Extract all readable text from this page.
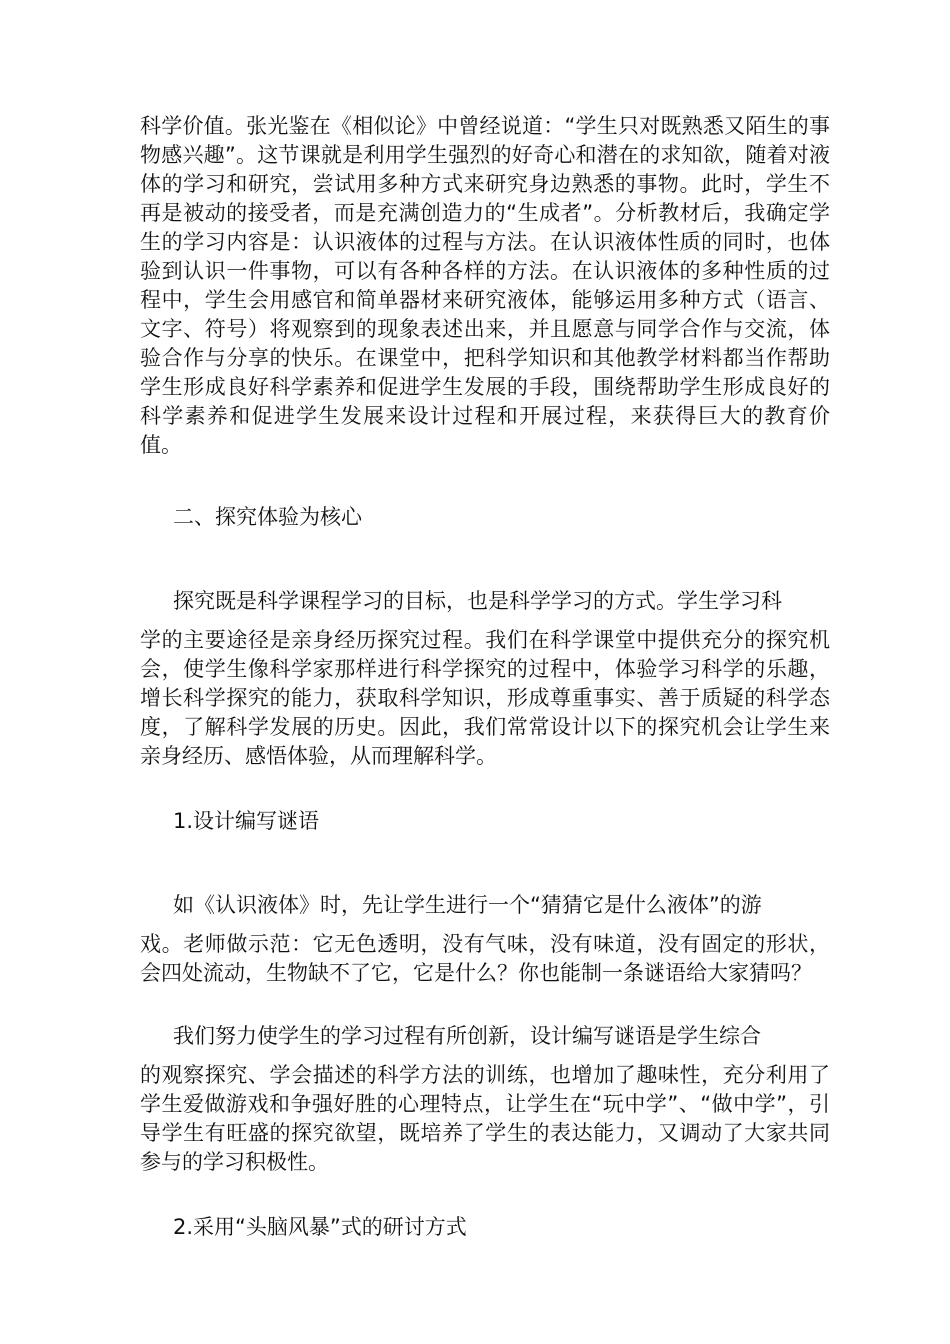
科学价值。张光鉴在《相似论》中曾经说道：“学生只对既熟悉又陌生的事物感兴趣”。这节课就是利用学生强烈的好奇心和潜在的求知欲，随着对液体的学习和研究，尝试用多种方式来研究身边熟悉的事物。此时，学生不再是被动的接受者，而是充满创造力的“生成者”。分析教材后，我确定学生的学习内容是：认识液体的过程与方法。在认识液体性质的同时，也体验到认识一件事物，可以有各种各样的方法。在认识液体的多种性质的过程中，学生会用感官和简单器材来研究液体，能够运用多种方式（语言、文字、符号）将观察到的现象表述出来，并且愿意与同学合作与交流，体验合作与分享的快乐。在课堂中，把科学知识和其他教学材料都当作帮助学生形成良好科学素养和促进学生发展的手段，围绕帮助学生形成良好的科学素养和促进学生发展来设计过程和开展过程，来获得巨大的教育价值。

二、探究体验为核心

探究既是科学课程学习的目标，也是科学学习的方式。学生学习科
学的主要途径是亲身经历探究过程。我们在科学课堂中提供充分的探究机会，使学生像科学家那样进行科学探究的过程中，体验学习科学的乐趣，增长科学探究的能力，获取科学知识，形成尊重事实、善于质疑的科学态度，了解科学发展的历史。因此，我们常常设计以下的探究机会让学生来亲身经历、感悟体验，从而理解科学。

1.设计编写谜语

如《认识液体》时，先让学生进行一个“猜猜它是什么液体”的游
戏。老师做示范：它无色透明，没有气味，没有味道，没有固定的形状，会四处流动，生物缺不了它，它是什么？你也能制一条谜语给大家猜吗？

我们努力使学生的学习过程有所创新，设计编写谜语是学生综合
的观察探究、学会描述的科学方法的训练，也增加了趣味性，充分利用了学生爱做游戏和争强好胜的心理特点，让学生在“玩中学”、“做中学”，引导学生有旺盛的探究欲望，既培养了学生的表达能力，又调动了大家共同参与的学习积极性。

2.采用“头脑风暴”式的研讨方式
